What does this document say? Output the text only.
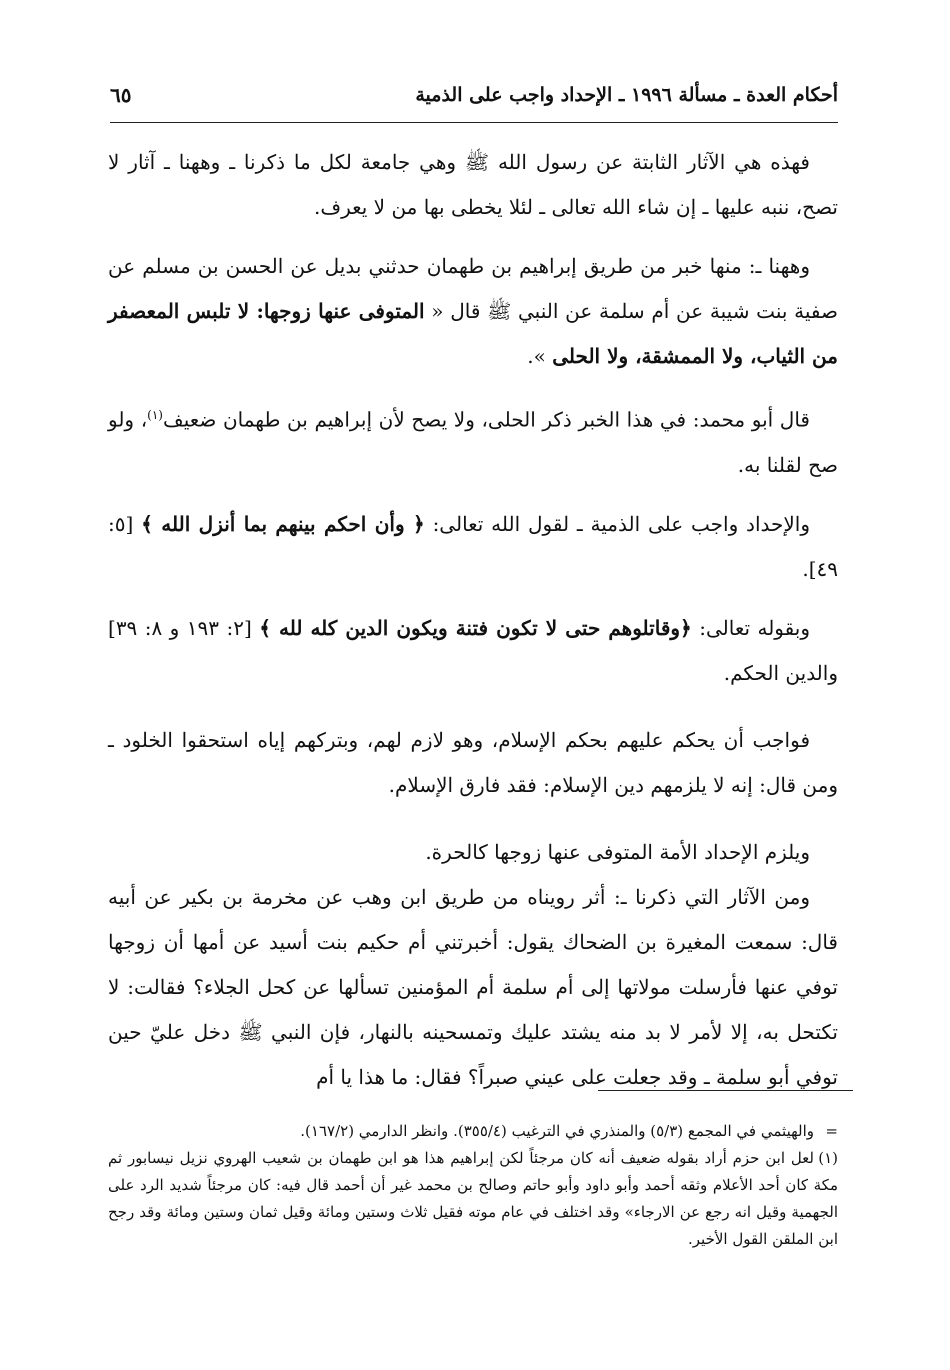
أحكام العدة ـ مسألة ١٩٩٦ ـ الإحداد واجب على الذمية
٦٥

فهذه هي الآثار الثابتة عن رسول الله ﷺ وهي جامعة لكل ما ذكرنا ـ وههنا ـ آثار لا تصح، ننبه عليها ـ إن شاء الله تعالى ـ لئلا يخطى بها من لا يعرف.

وههنا ـ: منها خبر من طريق إبراهيم بن طهمان حدثني بديل عن الحسن بن مسلم عن صفية بنت شيبة عن أم سلمة عن النبي ﷺ قال « المتوفى عنها زوجها: لا تلبس المعصفر من الثياب، ولا الممشقة، ولا الحلى ».

قال أبو محمد: في هذا الخبر ذكر الحلى، ولا يصح لأن إبراهيم بن طهمان ضعيف$^{(١)}$، ولو صح لقلنا به.

والإحداد واجب على الذمية ـ لقول الله تعالى: ﴿ وأن احكم بينهم بما أنزل الله ﴾ [٥: ٤٩].

وبقوله تعالى: ﴿وقاتلوهم حتى لا تكون فتنة ويكون الدين كله لله ﴾ [٢: ١٩٣ و ٨: ٣٩] والدين الحكم.

فواجب أن يحكم عليهم بحكم الإسلام، وهو لازم لهم، وبتركهم إياه استحقوا الخلود ـ ومن قال: إنه لا يلزمهم دين الإسلام: فقد فارق الإسلام.

ويلزم الإحداد الأمة المتوفى عنها زوجها كالحرة.

ومن الآثار التي ذكرنا ـ: أثر رويناه من طريق ابن وهب عن مخرمة بن بكير عن أبيه قال: سمعت المغيرة بن الضحاك يقول: أخبرتني أم حكيم بنت أسيد عن أمها أن زوجها توفي عنها فأرسلت مولاتها إلى أم سلمة أم المؤمنين تسألها عن كحل الجلاء؟ فقالت: لا تكتحل به، إلا لأمر لا بد منه يشتد عليك وتمسحينه بالنهار، فإن النبي ﷺ دخل عليّ حين توفي أبو سلمة ـ وقد جعلت على عيني صبراً؟ فقال: ما هذا يا أم

=والهيثمي في المجمع (٥/٣) والمنذري في الترغيب (٣٥٥/٤). وانظر الدارمي (١٦٧/٢).

(١)لعل ابن حزم أراد بقوله ضعيف أنه كان مرجئاً لكن إبراهيم هذا هو ابن طهمان بن شعيب الهروي نزيل نيسابور ثم مكة كان أحد الأعلام وثقه أحمد وأبو داود وأبو حاتم وصالح بن محمد غير أن أحمد قال فيه: كان مرجئاً شديد الرد على الجهمية وقيل انه رجع عن الارجاء» وقد اختلف في عام موته فقيل ثلاث وستين ومائة وقيل ثمان وستين ومائة وقد رجح ابن الملقن القول الأخير.
